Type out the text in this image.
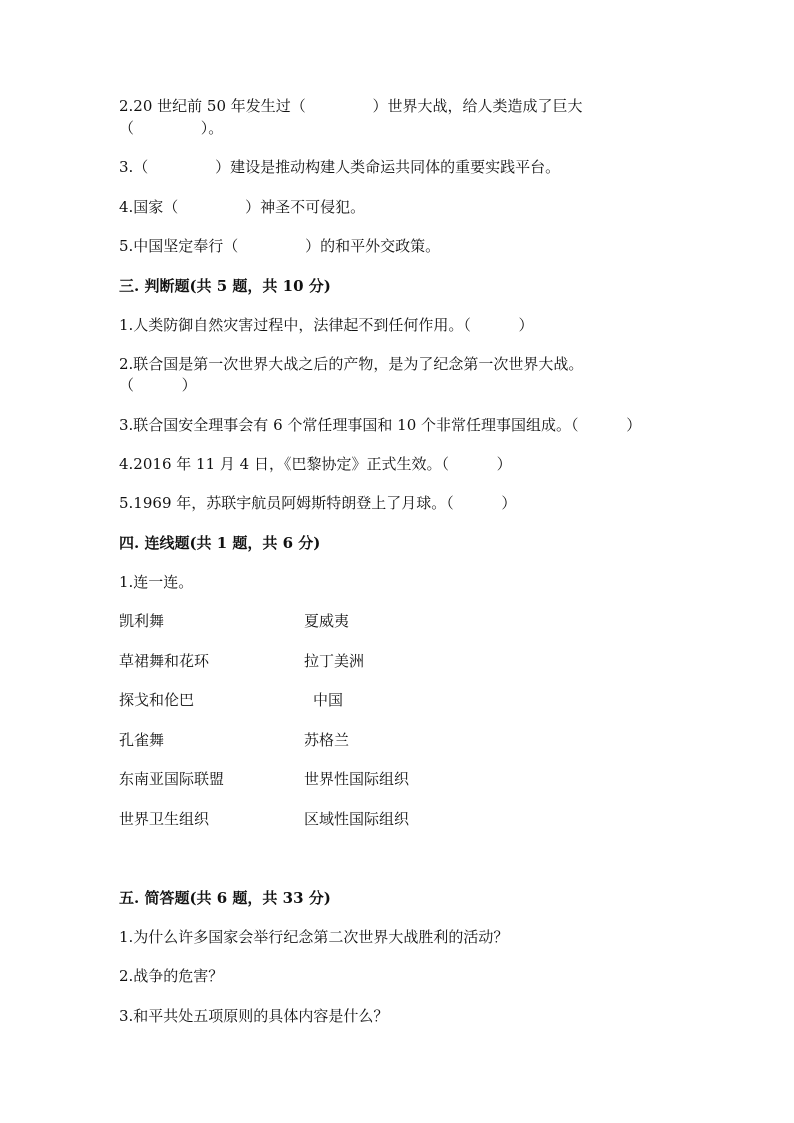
2.20 世纪前 50 年发生过（              ）世界大战，给人类造成了巨大
（              ）。
3.（              ）建设是推动构建人类命运共同体的重要实践平台。
4.国家（              ）神圣不可侵犯。
5.中国坚定奉行（              ）的和平外交政策。
三. 判断题(共 5 题，共 10 分)
1.人类防御自然灾害过程中，法律起不到任何作用。（          ）
2.联合国是第一次世界大战之后的产物，是为了纪念第一次世界大战。
（          ）
3.联合国安全理事会有 6 个常任理事国和 10 个非常任理事国组成。（          ）
4.2016 年 11 月 4 日，《巴黎协定》正式生效。（          ）
5.1969 年，苏联宇航员阿姆斯特朗登上了月球。（          ）
四. 连线题(共 1 题，共 6 分)
1.连一连。
凯利舞	夏威夷
草裙舞和花环	拉丁美洲
探戈和伦巴	中国
孔雀舞	苏格兰
东南亚国际联盟	世界性国际组织
世界卫生组织	区域性国际组织
五. 简答题(共 6 题，共 33 分)
1.为什么许多国家会举行纪念第二次世界大战胜利的活动？
2.战争的危害？
3.和平共处五项原则的具体内容是什么？
